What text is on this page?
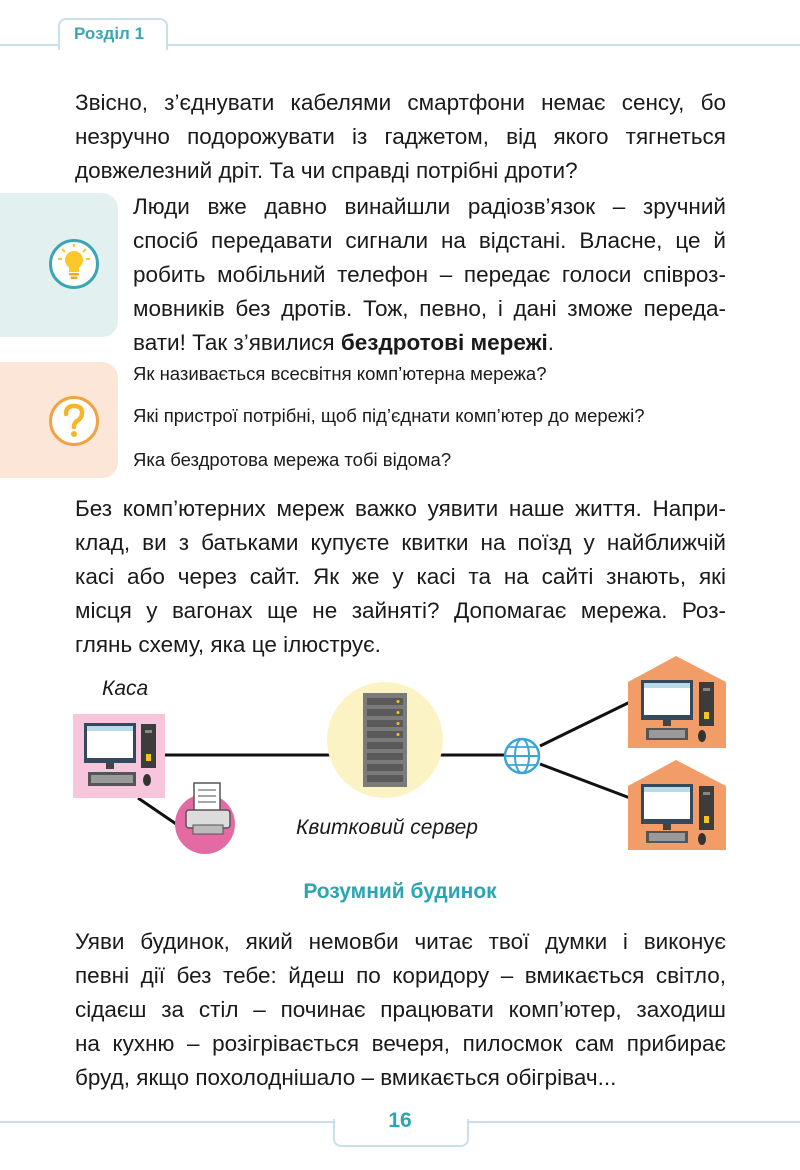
Розділ 1
Звісно, з’єднувати кабелями смартфони немає сенсу, бо
незручно подорожувати із гаджетом, від якого тягнеться
довжелезний дріт. Та чи справді потрібні дроти?
Люди вже давно винайшли радіозв’язок – зручний
спосіб передавати сигнали на відстані. Власне, це й
робить мобільний телефон – передає голоси співроз-
мовників без дротів. Тож, певно, і дані зможе переда-
вати! Так з’явилися бездротові мережі.
Як називається всесвітня комп’ютерна мережа?
Які пристрої потрібні, щоб під’єднати комп’ютер до мережі?
Яка бездротова мережа тобі відома?
Без комп’ютерних мереж важко уявити наше життя. Напри-
клад, ви з батьками купуєте квитки на поїзд у найближчій
касі або через сайт. Як же у касі та на сайті знають, які
місця у вагонах ще не зайняті? Допомагає мережа. Роз-
глянь схему, яка це ілюструє.
Каса
Квитковий сервер
Розумний будинок
Уяви будинок, який немовби читає твої думки і виконує
певні дії без тебе: йдеш по коридору – вмикається світло,
сідаєш за стіл – починає працювати комп’ютер, заходиш
на кухню – розігрівається вечеря, пилосмок сам прибирає
бруд, якщо похолоднішало – вмикається обігрівач...
16
